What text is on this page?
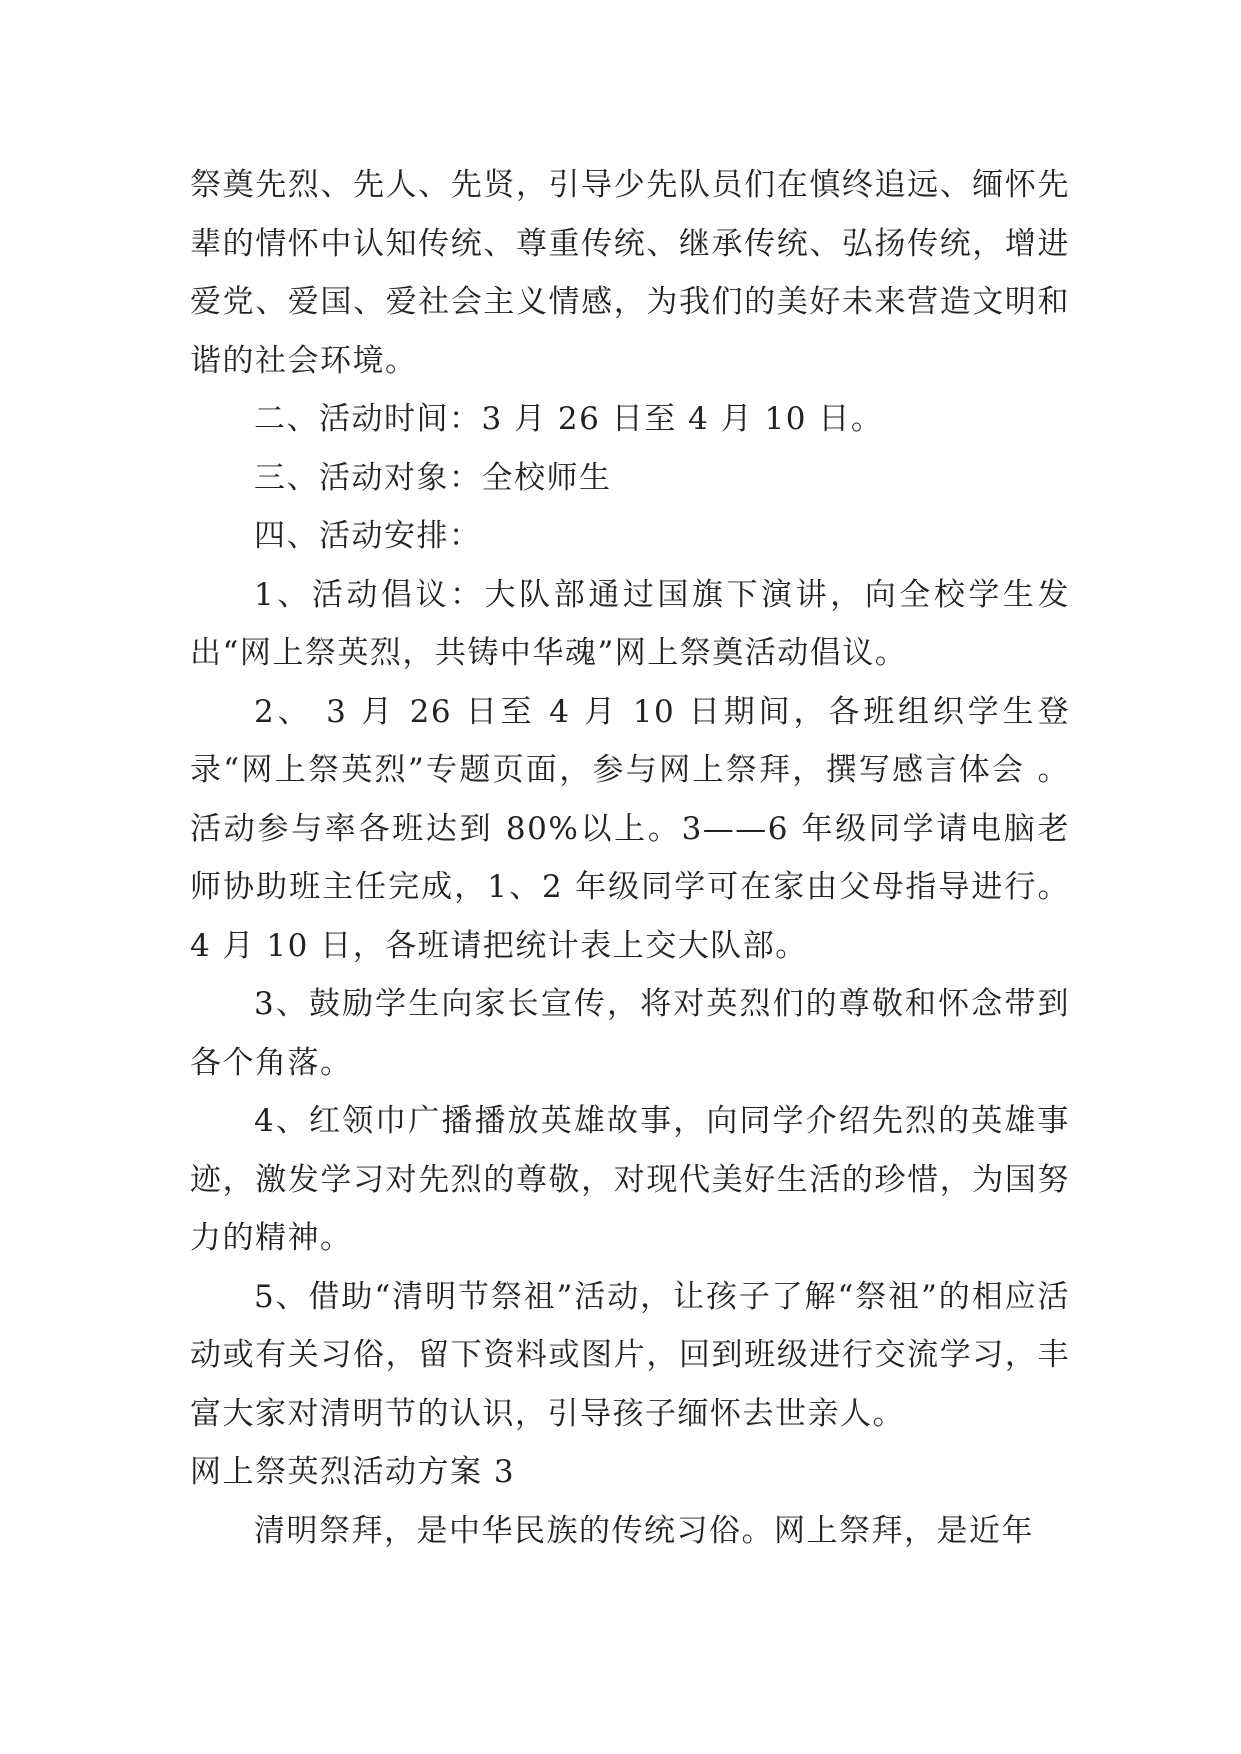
祭奠先烈、先人、先贤，引导少先队员们在慎终追远、缅怀先辈的情怀中认知传统、尊重传统、继承传统、弘扬传统，增进爱党、爱国、爱社会主义情感，为我们的美好未来营造文明和谐的社会环境。

二、活动时间：3 月 26 日至 4 月 10 日。

三、活动对象：全校师生

四、活动安排：

1、活动倡议：大队部通过国旗下演讲，向全校学生发出“网上祭英烈，共铸中华魂”网上祭奠活动倡议。

2、 3 月 26 日至 4 月 10 日期间，各班组织学生登录“网上祭英烈”专题页面，参与网上祭拜，撰写感言体会 。活动参与率各班达到 80%以上。3——6 年级同学请电脑老师协助班主任完成，1、2 年级同学可在家由父母指导进行。4 月 10 日，各班请把统计表上交大队部。

3、鼓励学生向家长宣传，将对英烈们的尊敬和怀念带到各个角落。

4、红领巾广播播放英雄故事，向同学介绍先烈的英雄事迹，激发学习对先烈的尊敬，对现代美好生活的珍惜，为国努力的精神。

5、借助“清明节祭祖”活动，让孩子了解“祭祖”的相应活动或有关习俗，留下资料或图片，回到班级进行交流学习，丰富大家对清明节的认识，引导孩子缅怀去世亲人。

网上祭英烈活动方案 3

清明祭拜，是中华民族的传统习俗。网上祭拜，是近年
